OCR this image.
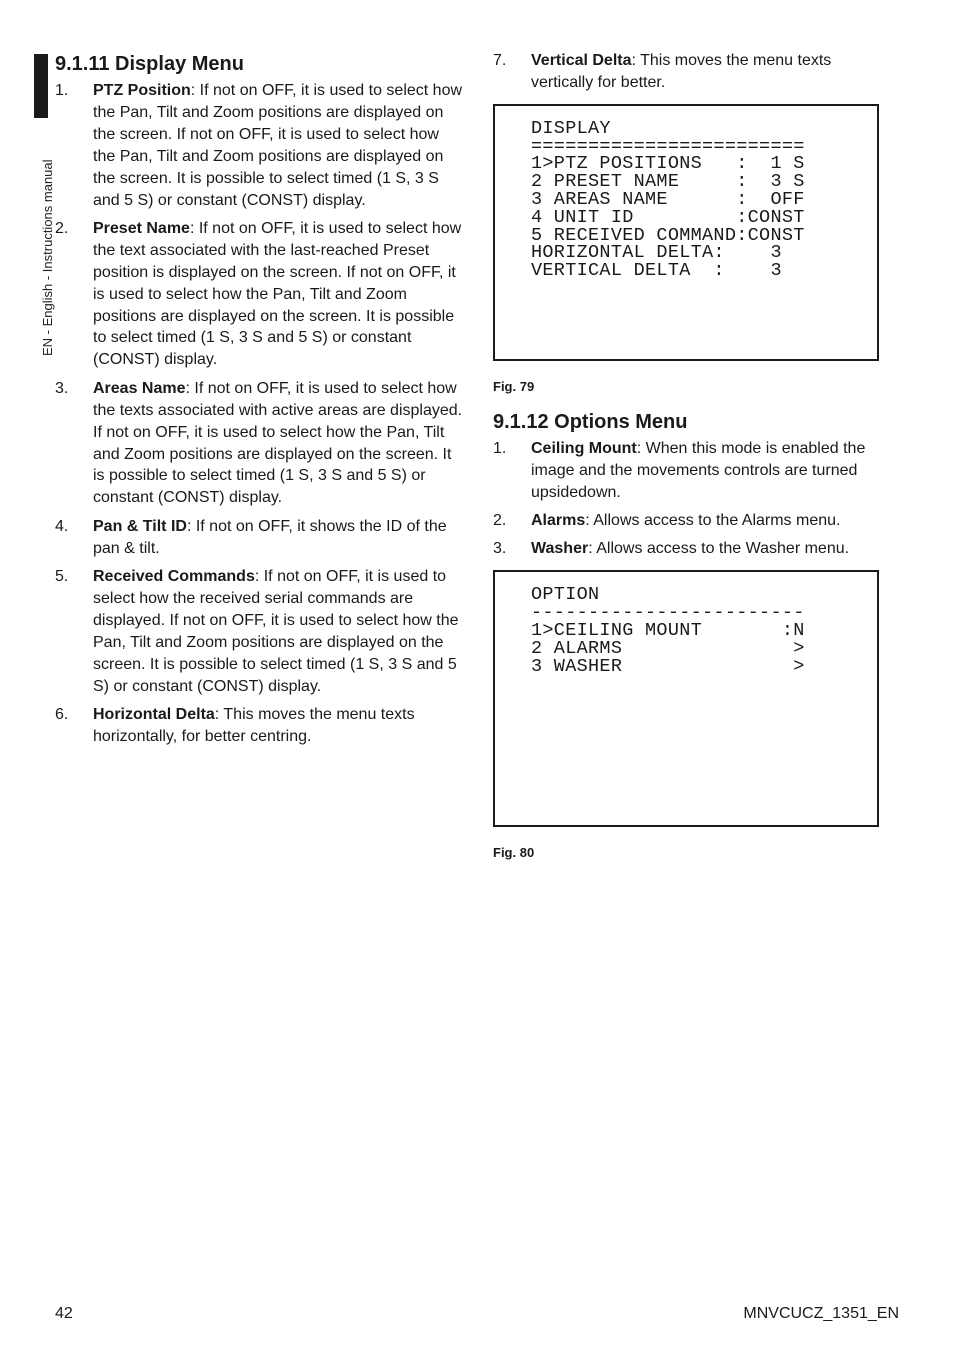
EN - English - Instructions manual
9.1.11 Display Menu
1. PTZ Position: If not on OFF, it is used to select how the Pan, Tilt and Zoom positions are displayed on the screen. If not on OFF, it is used to select how the Pan, Tilt and Zoom positions are displayed on the screen. It is possible to select timed (1 S, 3 S and 5 S) or constant (CONST) display.
2. Preset Name: If not on OFF, it is used to select how the text associated with the last-reached Preset position is displayed on the screen. If not on OFF, it is used to select how the Pan, Tilt and Zoom positions are displayed on the screen. It is possible to select timed (1 S, 3 S and 5 S) or constant (CONST) display.
3. Areas Name: If not on OFF, it is used to select how the texts associated with active areas are displayed. If not on OFF, it is used to select how the Pan, Tilt and Zoom positions are displayed on the screen. It is possible to select timed (1 S, 3 S and 5 S) or constant (CONST) display.
4. Pan & Tilt ID: If not on OFF, it shows the ID of the pan & tilt.
5. Received Commands: If not on OFF, it is used to select how the received serial commands are displayed. If not on OFF, it is used to select how the Pan, Tilt and Zoom positions are displayed on the screen. It is possible to select timed (1 S, 3 S and 5 S) or constant (CONST) display.
6. Horizontal Delta: This moves the menu texts horizontally, for better centring.
7. Vertical Delta: This moves the menu texts vertically for better.
DISPLAY
========================
1>PTZ POSITIONS   :  1 S
2 PRESET NAME     :  3 S
3 AREAS NAME      :  OFF
4 UNIT ID         :CONST
5 RECEIVED COMMAND:CONST
HORIZONTAL DELTA:    3
VERTICAL DELTA  :    3
Fig. 79
9.1.12 Options Menu
1. Ceiling Mount: When this mode is enabled the image and the movements controls are turned upsidedown.
2. Alarms: Allows access to the Alarms menu.
3. Washer: Allows access to the Washer menu.
OPTION
------------------------
1>CEILING MOUNT       :N
2 ALARMS               >
3 WASHER               >
Fig. 80
42	MNVCUCZ_1351_EN
